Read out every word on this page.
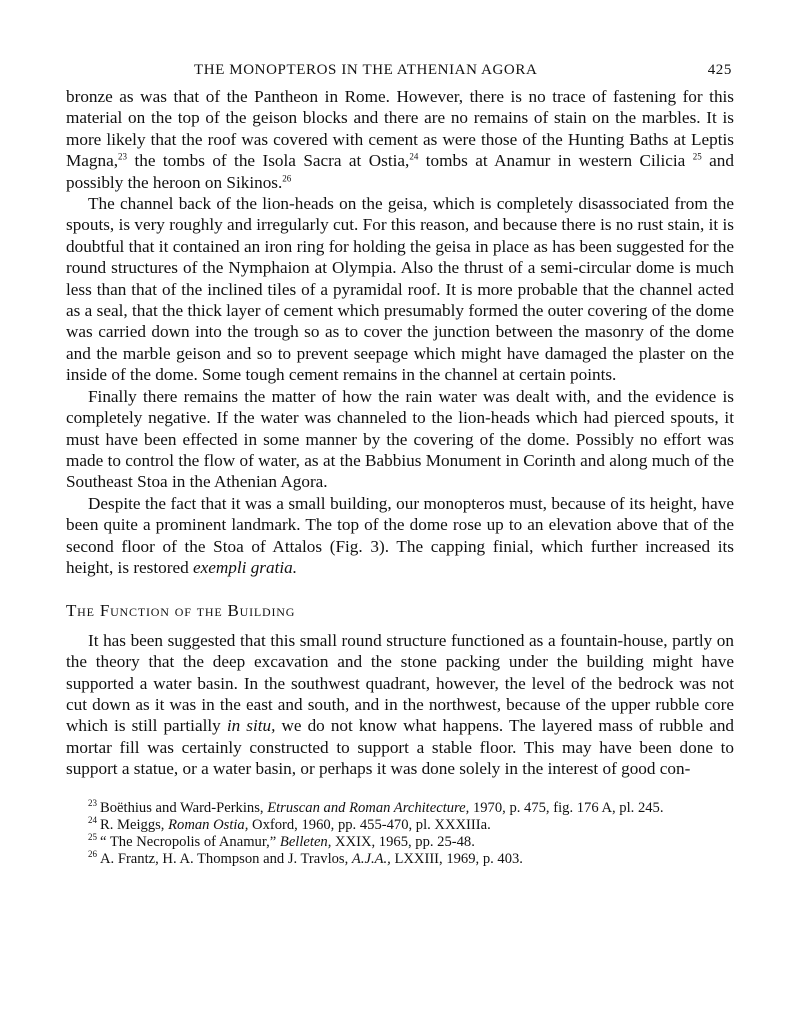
THE MONOPTEROS IN THE ATHENIAN AGORA	425

bronze as was that of the Pantheon in Rome. However, there is no trace of fastening for this material on the top of the geison blocks and there are no remains of stain on the marbles. It is more likely that the roof was covered with cement as were those of the Hunting Baths at Leptis Magna,$^{23}$ the tombs of the Isola Sacra at Ostia,$^{24}$ tombs at Anamur in western Cilicia $^{25}$ and possibly the heroon on Sikinos.$^{26}$

The channel back of the lion-heads on the geisa, which is completely disassociated from the spouts, is very roughly and irregularly cut. For this reason, and because there is no rust stain, it is doubtful that it contained an iron ring for holding the geisa in place as has been suggested for the round structures of the Nymphaion at Olympia. Also the thrust of a semi-circular dome is much less than that of the inclined tiles of a pyramidal roof. It is more probable that the channel acted as a seal, that the thick layer of cement which presumably formed the outer covering of the dome was carried down into the trough so as to cover the junction between the masonry of the dome and the marble geison and so to prevent seepage which might have damaged the plaster on the inside of the dome. Some tough cement remains in the channel at certain points.

Finally there remains the matter of how the rain water was dealt with, and the evidence is completely negative. If the water was channeled to the lion-heads which had pierced spouts, it must have been effected in some manner by the covering of the dome. Possibly no effort was made to control the flow of water, as at the Babbius Monument in Corinth and along much of the Southeast Stoa in the Athenian Agora.

Despite the fact that it was a small building, our monopteros must, because of its height, have been quite a prominent landmark. The top of the dome rose up to an elevation above that of the second floor of the Stoa of Attalos (Fig. 3). The capping finial, which further increased its height, is restored exempli gratia.

The Function of the Building

It has been suggested that this small round structure functioned as a fountain-house, partly on the theory that the deep excavation and the stone packing under the building might have supported a water basin. In the southwest quadrant, however, the level of the bedrock was not cut down as it was in the east and south, and in the northwest, because of the upper rubble core which is still partially in situ, we do not know what happens. The layered mass of rubble and mortar fill was certainly constructed to support a stable floor. This may have been done to support a statue, or a water basin, or perhaps it was done solely in the interest of good con-

$^{23}$ Boëthius and Ward-Perkins, Etruscan and Roman Architecture, 1970, p. 475, fig. 176 A, pl. 245.

$^{24}$ R. Meiggs, Roman Ostia, Oxford, 1960, pp. 455-470, pl. XXXIIIa.

$^{25}$ “ The Necropolis of Anamur,” Belleten, XXIX, 1965, pp. 25-48.

$^{26}$ A. Frantz, H. A. Thompson and J. Travlos, A.J.A., LXXIII, 1969, p. 403.
